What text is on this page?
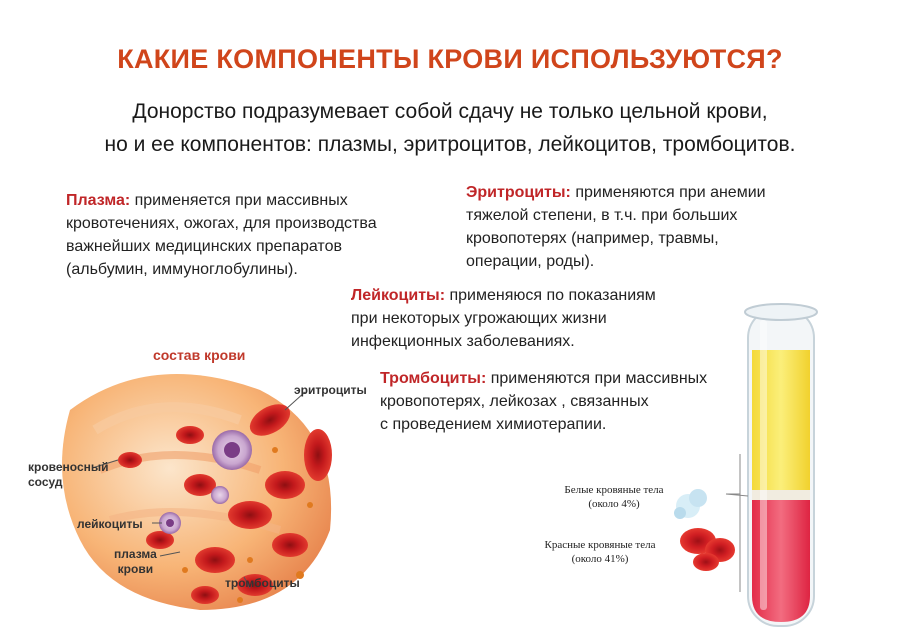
КАКИЕ КОМПОНЕНТЫ КРОВИ ИСПОЛЬЗУЮТСЯ?
Донорство подразумевает собой сдачу не только цельной крови,
но и ее компонентов: плазмы, эритроцитов, лейкоцитов, тромбоцитов.
Плазма: применяется при массивных
кровотечениях, ожогах, для производства
важнейших медицинских препаратов
(альбумин, иммуноглобулины).
Эритроциты: применяются при анемии
тяжелой степени, в т.ч. при больших
кровопотерях (например, травмы,
операции, роды).
Лейкоциты: применяюся по показаниям
при некоторых угрожающих жизни
инфекционных заболеваниях.
Тромбоциты: применяются при массивных
кровопотерях, лейкозах , связанных
с проведением химиотерапии.
состав крови
эритроциты
кровеносный
сосуд
лейкоциты
плазма
крови
тромбоциты
Белые кровяные тела
(около 4%)
Красные кровяные тела
(около 41%)
